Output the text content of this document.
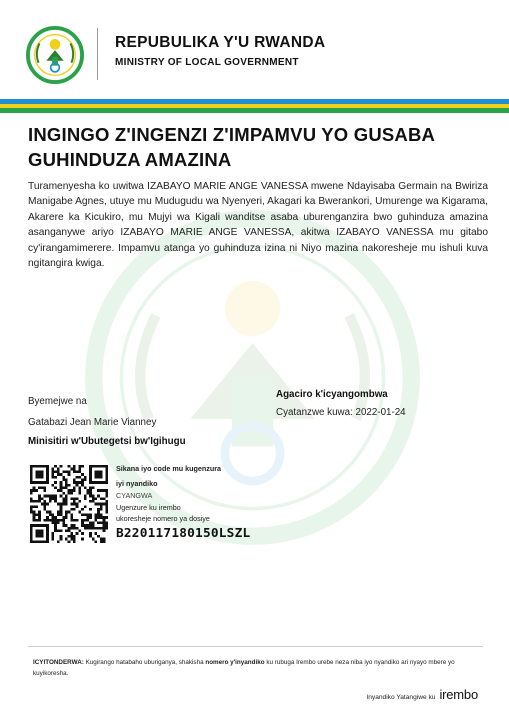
REPUBULIKA Y'U RWANDA
MINISTRY OF LOCAL GOVERNMENT
INGINGO Z'INGENZI Z'IMPAMVU YO GUSABA GUHINDUZA AMAZINA
Turamenyesha ko uwitwa IZABAYO MARIE ANGE VANESSA mwene Ndayisaba Germain na Bwiriza Manigabe Agnes, utuye mu Mudugudu wa Nyenyeri, Akagari ka Bwerankori, Umurenge wa Kigarama, Akarere ka Kicukiro, mu Mujyi wa Kigali wanditse asaba uburenganzira bwo guhinduza amazina asanganywe ariyo IZABAYO MARIE ANGE VANESSA, akitwa IZABAYO VANESSA mu gitabo cy'irangamimerere. Impamvu atanga yo guhinduza izina ni Niyo mazina nakoresheje mu ishuli kuva ngitangira kwiga.
Byemejwe na
Gatabazi Jean Marie Vianney
Minisitiri w'Ubutegetsi bw'Igihugu
Agaciro k'icyangombwa
Cyatanzwe kuwa: 2022-01-24
Sikana iyo code mu kugenzura
iyi nyandiko
CYANGWA
Ugenzure ku irembo
ukoresheje nomero ya dosiye
B220117180150LSZL
ICYITONDERWA: Kugirango hatabaho uburiganya, shakisha nomero y'inyandiko ku rubuga Irembo urebe neza niba iyo nyandiko ari nyayo mbere yo kuyikoresha.
Inyandiko Yatangiwe ku irembo
